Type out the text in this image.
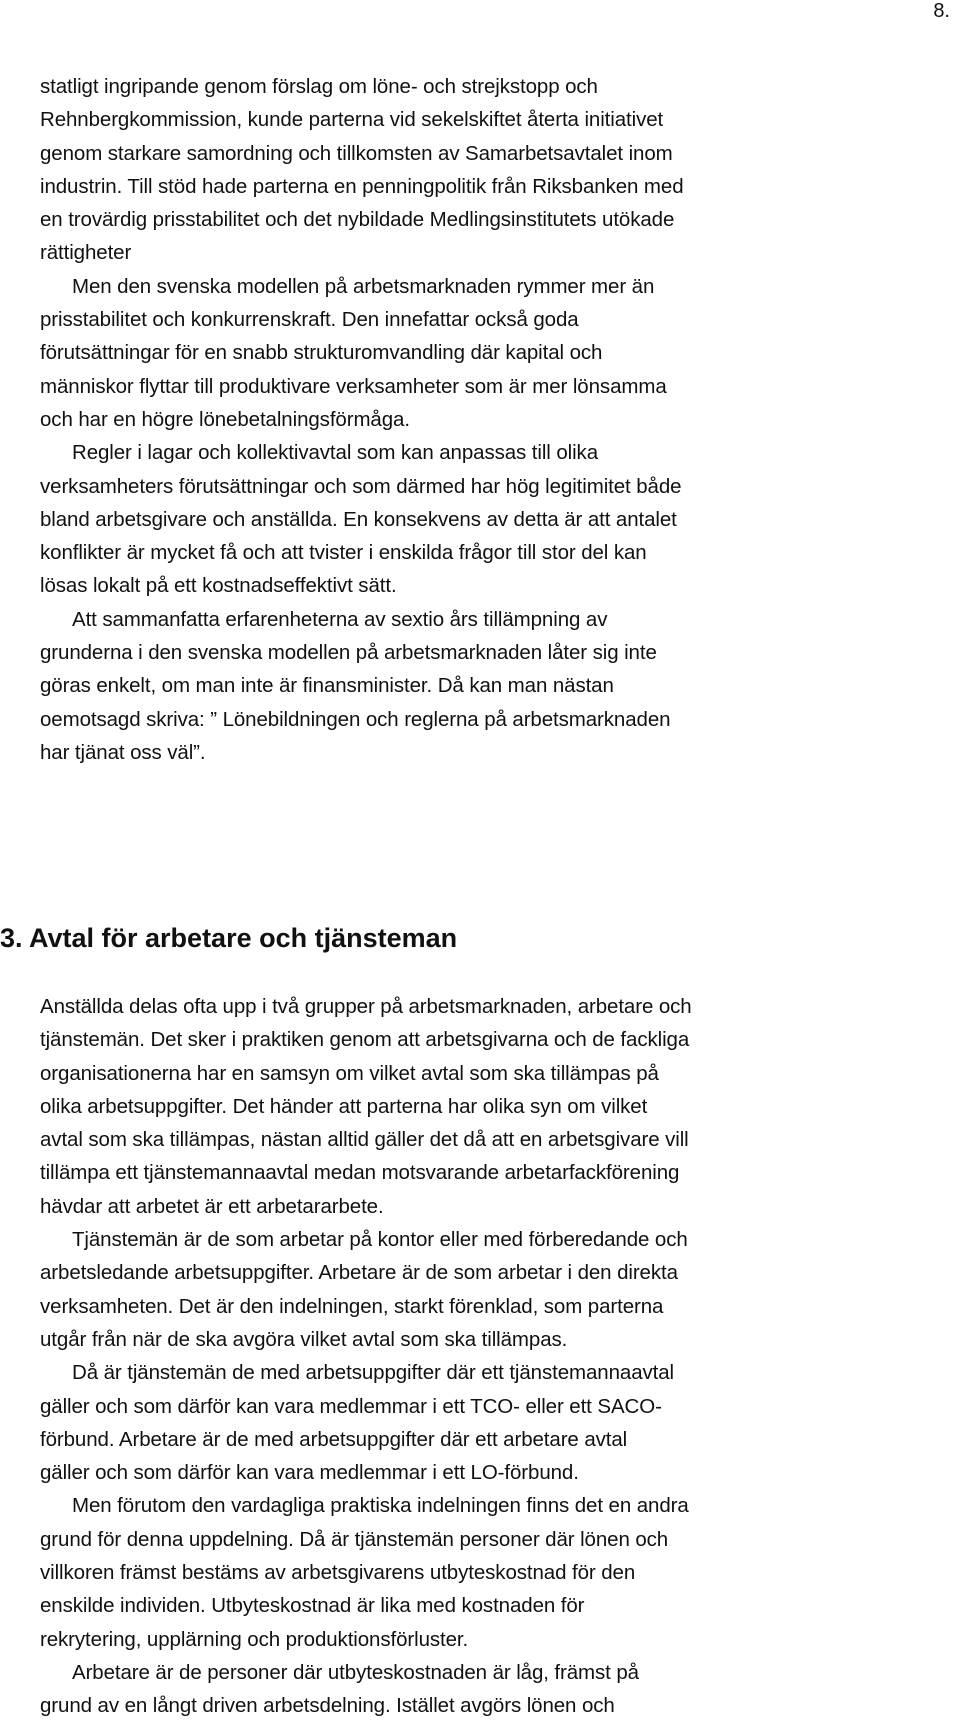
8.

statligt ingripande genom förslag om löne- och strejkstopp och
Rehnbergkommission, kunde parterna vid sekelskiftet återta initiativet
genom starkare samordning och tillkomsten av Samarbetsavtalet inom
industrin. Till stöd hade parterna en penningpolitik från Riksbanken med
en trovärdig prisstabilitet och det nybildade Medlingsinstitutets utökade
rättigheter

Men den svenska modellen på arbetsmarknaden rymmer mer än
prisstabilitet och konkurrenskraft. Den innefattar också goda
förutsättningar för en snabb strukturomvandling där kapital och
människor flyttar till produktivare verksamheter som är mer lönsamma
och har en högre lönebetalningsförmåga.

Regler i lagar och kollektivavtal som kan anpassas till olika
verksamheters förutsättningar och som därmed har hög legitimitet både
bland arbetsgivare och anställda. En konsekvens av detta är att antalet
konflikter är mycket få och att tvister i enskilda frågor till stor del kan
lösas lokalt på ett kostnadseffektivt sätt.

Att sammanfatta erfarenheterna av sextio års tillämpning av
grunderna i den svenska modellen på arbetsmarknaden låter sig inte
göras enkelt, om man inte är finansminister. Då kan man nästan
oemotsagd skriva: ” Lönebildningen och reglerna på arbetsmarknaden
har tjänat oss väl”.

3. Avtal för arbetare och tjänsteman

Anställda delas ofta upp i två grupper på arbetsmarknaden, arbetare och
tjänstemän. Det sker i praktiken genom att arbetsgivarna och de fackliga
organisationerna har en samsyn om vilket avtal som ska tillämpas på
olika arbetsuppgifter. Det händer att parterna har olika syn om vilket
avtal som ska tillämpas, nästan alltid gäller det då att en arbetsgivare vill
tillämpa ett tjänstemannaavtal medan motsvarande arbetarfackförening
hävdar att arbetet är ett arbetararbete.

Tjänstemän är de som arbetar på kontor eller med förberedande och
arbetsledande arbetsuppgifter. Arbetare är de som arbetar i den direkta
verksamheten. Det är den indelningen, starkt förenklad, som parterna
utgår från när de ska avgöra vilket avtal som ska tillämpas.

Då är tjänstemän de med arbetsuppgifter där ett tjänstemannaavtal
gäller och som därför kan vara medlemmar i ett TCO- eller ett SACO-
förbund. Arbetare är de med arbetsuppgifter där ett arbetare avtal
gäller och som därför kan vara medlemmar i ett LO-förbund.

Men förutom den vardagliga praktiska indelningen finns det en andra
grund för denna uppdelning. Då är tjänstemän personer där lönen och
villkoren främst bestäms av arbetsgivarens utbyteskostnad för den
enskilde individen. Utbyteskostnad är lika med kostnaden för
rekrytering, upplärning och produktionsförluster.

Arbetare är de personer där utbyteskostnaden är låg, främst på
grund av en långt driven arbetsdelning. Istället avgörs lönen och
